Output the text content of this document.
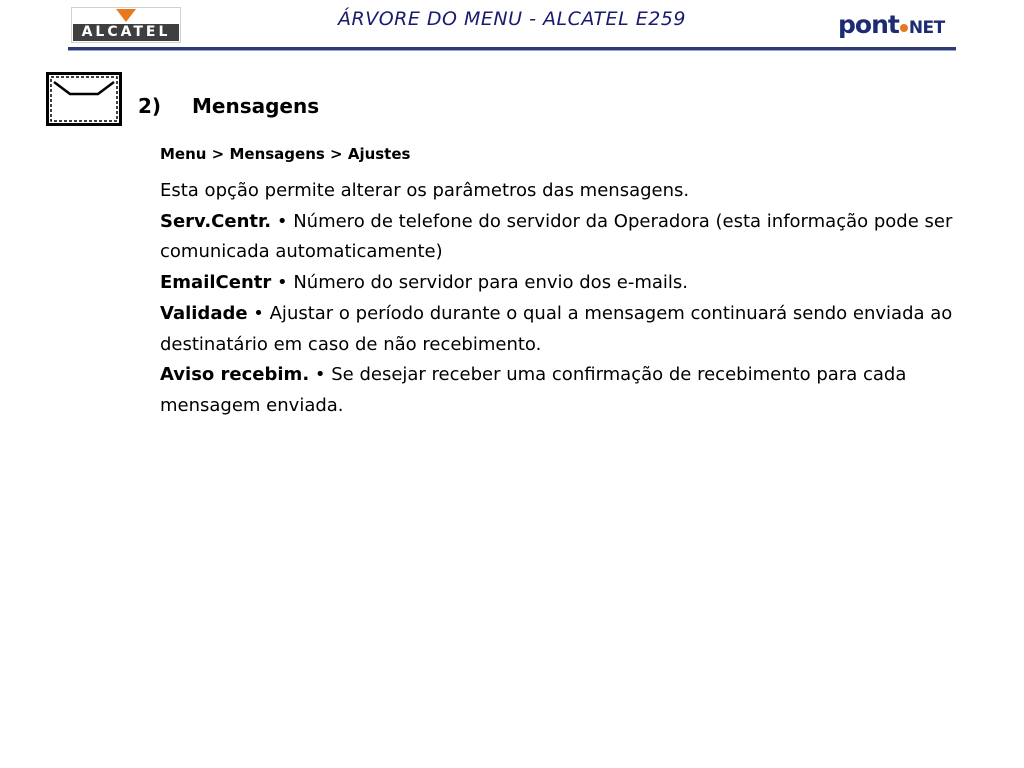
ALCATEL
ÁRVORE DO MENU - ALCATEL E259	pont NET
2) Mensagens
Menu > Mensagens > Ajustes

Esta opção permite alterar os parâmetros das mensagens.

Serv.Centr. • Número de telefone do servidor da Operadora (esta informação pode ser comunicada automaticamente)

EmailCentr • Número do servidor para envio dos e-mails.

Validade • Ajustar o período durante o qual a mensagem continuará sendo enviada ao destinatário em caso de não recebimento.

Aviso recebim. • Se desejar receber uma confirmação de recebimento para cada mensagem enviada.
